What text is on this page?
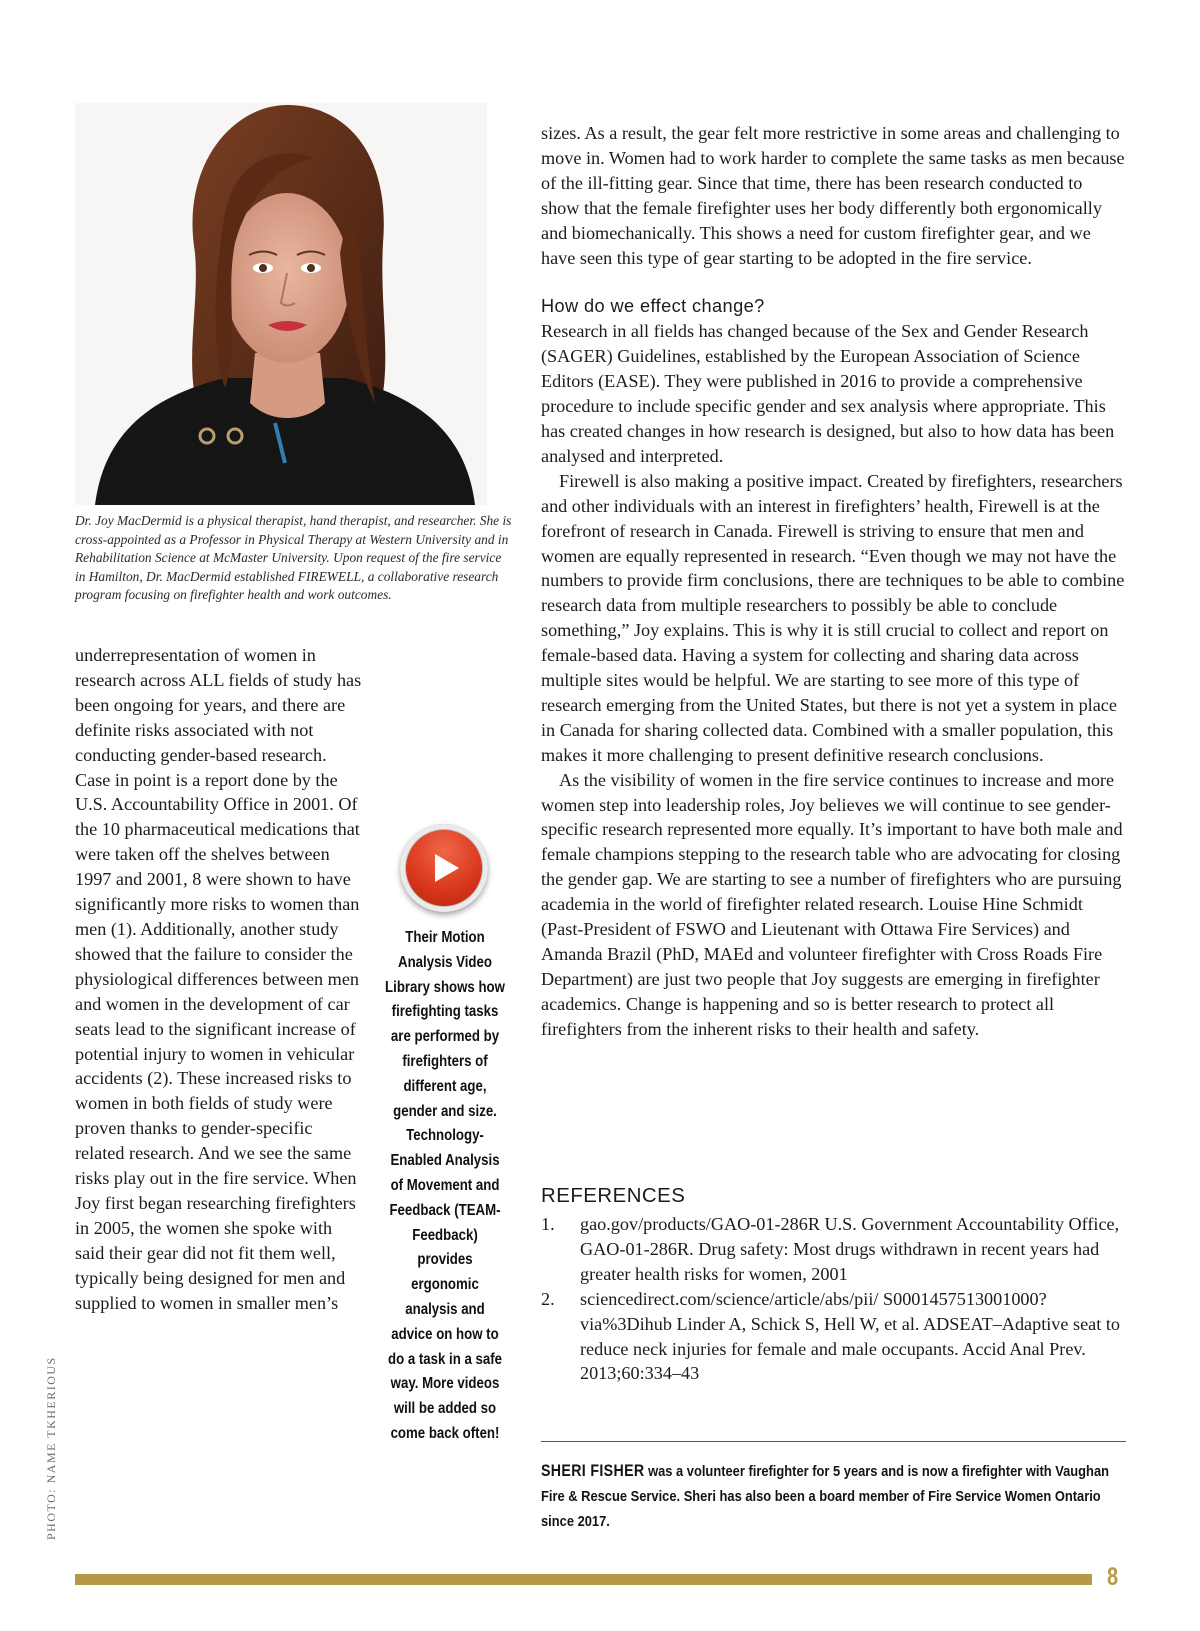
Dr. Joy MacDermid is a physical therapist, hand therapist, and researcher. She is cross-appointed as a Professor in Physical Therapy at Western University and in Rehabilitation Science at McMaster University. Upon request of the fire service in Hamilton, Dr. MacDermid established FIREWELL, a collaborative research program focusing on firefighter health and work outcomes.
PHOTO: NAME TKHERIOUS

underrepresentation of women in research across ALL fields of study has been ongoing for years, and there are definite risks associated with not conducting gender-based research. Case in point is a report done by the U.S. Accountability Office in 2001. Of the 10 pharmaceutical medications that were taken off the shelves between 1997 and 2001, 8 were shown to have significantly more risks to women than men (1). Additionally, another study showed that the failure to consider the physiological differences between men and women in the development of car seats lead to the significant increase of potential injury to women in vehicular accidents (2). These increased risks to women in both fields of study were proven thanks to gender-specific related research. And we see the same risks play out in the fire service. When Joy first began researching firefighters in 2005, the women she spoke with said their gear did not fit them well, typically being designed for men and supplied to women in smaller men’s

Their Motion Analysis Video Library shows how firefighting tasks are performed by firefighters of different age, gender and size. Technology-Enabled Analysis of Movement and Feedback (TEAM-Feedback) provides ergonomic analysis and advice on how to do a task in a safe way. More videos will be added so come back often!

sizes. As a result, the gear felt more restrictive in some areas and challenging to move in. Women had to work harder to complete the same tasks as men because of the ill-fitting gear. Since that time, there has been research conducted to show that the female firefighter uses her body differently both ergonomically and biomechanically. This shows a need for custom firefighter gear, and we have seen this type of gear starting to be adopted in the fire service.

How do we effect change?

Research in all fields has changed because of the Sex and Gender Research (SAGER) Guidelines, established by the European Association of Science Editors (EASE). They were published in 2016 to provide a comprehensive procedure to include specific gender and sex analysis where appropriate. This has created changes in how research is designed, but also to how data has been analysed and interpreted.

Firewell is also making a positive impact. Created by firefighters, researchers and other individuals with an interest in firefighters’ health, Firewell is at the forefront of research in Canada. Firewell is striving to ensure that men and women are equally represented in research. “Even though we may not have the numbers to provide firm conclusions, there are techniques to be able to combine research data from multiple researchers to possibly be able to conclude something,” Joy explains. This is why it is still crucial to collect and report on female-based data. Having a system for collecting and sharing data across multiple sites would be helpful. We are starting to see more of this type of research emerging from the United States, but there is not yet a system in place in Canada for sharing collected data. Combined with a smaller population, this makes it more challenging to present definitive research conclusions.

As the visibility of women in the fire service continues to increase and more women step into leadership roles, Joy believes we will continue to see gender-specific research represented more equally. It’s important to have both male and female champions stepping to the research table who are advocating for closing the gender gap. We are starting to see a number of firefighters who are pursuing academia in the world of firefighter related research. Louise Hine Schmidt (Past-President of FSWO and Lieutenant with Ottawa Fire Services) and Amanda Brazil (PhD, MAEd and volunteer firefighter with Cross Roads Fire Department) are just two people that Joy suggests are emerging in firefighter academics. Change is happening and so is better research to protect all firefighters from the inherent risks to their health and safety.

REFERENCES
1. gao.gov/products/GAO-01-286R U.S. Government Accountability Office, GAO-01-286R. Drug safety: Most drugs withdrawn in recent years had greater health risks for women, 2001
2. sciencedirect.com/science/article/abs/pii/ S0001457513001000?via%3Dihub Linder A, Schick S, Hell W, et al. ADSEAT–Adaptive seat to reduce neck injuries for female and male occupants. Accid Anal Prev. 2013;60:334–43
SHERI FISHER was a volunteer firefighter for 5 years and is now a firefighter with Vaughan Fire & Rescue Service. Sheri has also been a board member of Fire Service Women Ontario since 2017.
8
